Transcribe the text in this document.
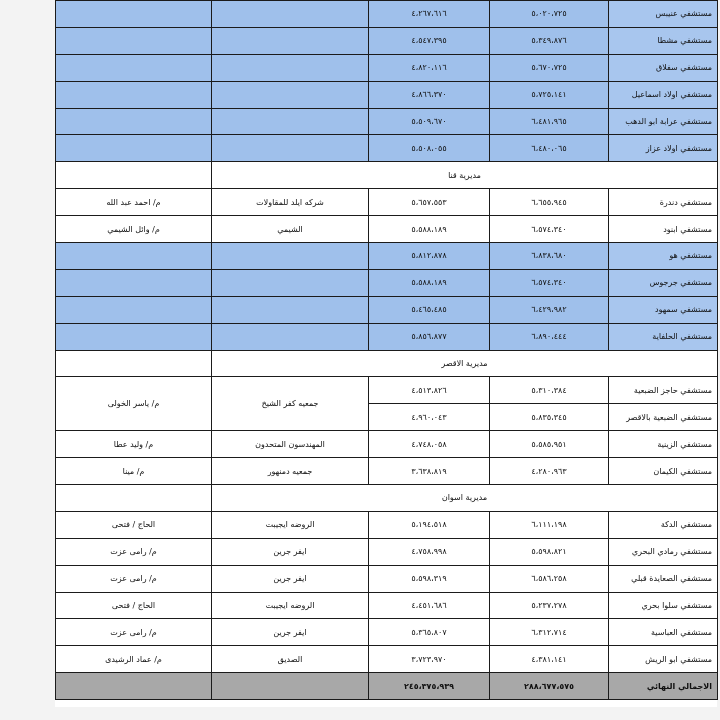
		٤،٢٦٧،٦١٦	٥،٠٢٠،٧٢٥	مستشفي عنيبس
		٤،٥٤٧،٣٩٥	٥،٣٤٩،٨٧٦	مستشفي مشطا
		٤،٨٢٠،١١٦	٥،٦٧٠،٧٢٥	مستشفي سفلاق
		٤،٨٦٦،٣٧٠	٥،٧٢٥،١٤١	مستشفي اولاد اسماعيل
		٥،٥٠٩،٦٧٠	٦،٤٨١،٩٦٥	مستشفي عرابة ابو الدهب
		٥،٥٠٨،٠٥٥	٦،٤٨٠،٠٦٥	مستشفي اولاد عزاز
	مديرية قنا			
م/ احمد عبد الله	شركه ايلد للمقاولات	٥،٦٥٧،٥٥٣	٦،٦٥٥،٩٤٥	مستشفي دندرة
م/ وائل الشيمي	الشيمي	٥،٥٨٨،١٨٩	٦،٥٧٤،٣٤٠	مستشفي ابنود
		٥،٨١٢،٨٧٨	٦،٨٣٨،٦٨٠	مستشفي هو
		٥،٥٨٨،١٨٩	٦،٥٧٤،٣٤٠	مستشفي جرجوس
		٥،٤٦٥،٤٨٥	٦،٤٢٩،٩٨٢	مستشفي سمهود
		٥،٨٥٦،٨٧٧	٦،٨٩٠،٤٤٤	مستشفي الحلفاية
	مديرية الاقصر			
م/ ياسر الخولى	جمعيه كفر الشيخ	٤،٥١٣،٨٢٦	٥،٣١٠،٣٨٤	مستشفي حاجز الضبعية
		٤،٩٦٠،٠٤٣	٥،٨٣٥،٣٤٥	مستشفي الضبعية بالاقصر
م/ وليد عطا	المهندسون المتحدون	٤،٧٤٨،٠٥٨	٥،٥٨٥،٩٥١	مستشفي الزينية
م/ مينا	جمعيه دمنهور	٣،٦٣٨،٨١٩	٤،٢٨٠،٩٦٣	مستشفي الكيمان
	مديرية اسوان			
الحاج / فتحى	الروضه ايجيبت	٥،١٩٤،٥١٨	٦،١١١،١٩٨	مستشفي الدكة
م/ رامى عزت	ايفر جرين	٤،٧٥٨،٩٩٨	٥،٥٩٨،٨٢١	مستشفي رمادي البحري
م/ رامى عزت	ايفر جرين	٥،٥٩٨،٣١٩	٦،٥٨٦،٢٥٨	مستشفي الصعايدة قبلي
الحاج / فتحى	الروضه ايجيبت	٤،٤٥١،٦٨٦	٥،٢٣٧،٢٧٨	مستشفي سلوا بحري
م/ رامى عزت	ايفر جرين	٥،٣٦٥،٨٠٧	٦،٣١٢،٧١٤	مستشفي العباسية
م/ عماد الرشيدى	الصديق	٣،٧٢٣،٩٧٠	٤،٣٨١،١٤١	مستشفي ابو الريش
		٢٤٥،٣٧٥،٩٣٩	٢٨٨،٦٧٧،٥٧٥	الاجمالي النهائي
